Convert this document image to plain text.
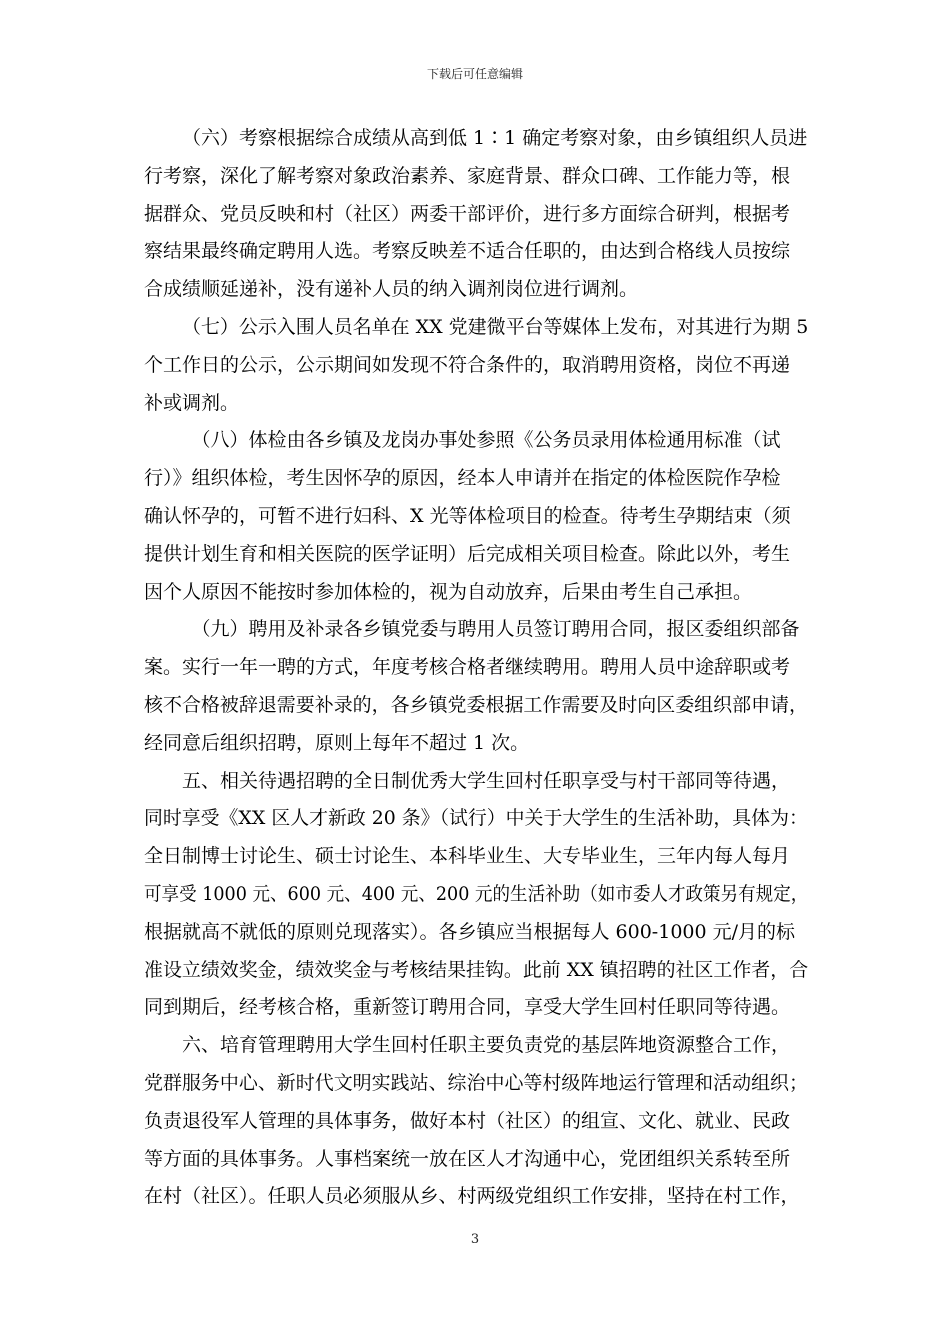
下载后可任意编辑
（六）考察根据综合成绩从高到低 1∶1 确定考察对象，由乡镇组织人员进
行考察，深化了解考察对象政治素养、家庭背景、群众口碑、工作能力等，根
据群众、党员反映和村（社区）两委干部评价，进行多方面综合研判，根据考
察结果最终确定聘用人选。考察反映差不适合任职的，由达到合格线人员按综
合成绩顺延递补，没有递补人员的纳入调剂岗位进行调剂。
（七）公示入围人员名单在 XX 党建微平台等媒体上发布，对其进行为期 5
个工作日的公示，公示期间如发现不符合条件的，取消聘用资格，岗位不再递
补或调剂。
（八）体检由各乡镇及龙岗办事处参照《公务员录用体检通用标准（试
行）》组织体检，考生因怀孕的原因，经本人申请并在指定的体检医院作孕检
确认怀孕的，可暂不进行妇科、X 光等体检项目的检查。待考生孕期结束（须
提供计划生育和相关医院的医学证明）后完成相关项目检查。除此以外，考生
因个人原因不能按时参加体检的，视为自动放弃，后果由考生自己承担。
（九）聘用及补录各乡镇党委与聘用人员签订聘用合同，报区委组织部备
案。实行一年一聘的方式，年度考核合格者继续聘用。聘用人员中途辞职或考
核不合格被辞退需要补录的，各乡镇党委根据工作需要及时向区委组织部申请，
经同意后组织招聘，原则上每年不超过 1 次。
五、相关待遇招聘的全日制优秀大学生回村任职享受与村干部同等待遇，
同时享受《XX 区人才新政 20 条》（试行）中关于大学生的生活补助，具体为：
全日制博士讨论生、硕士讨论生、本科毕业生、大专毕业生，三年内每人每月
可享受 1000 元、600 元、400 元、200 元的生活补助（如市委人才政策另有规定，
根据就高不就低的原则兑现落实）。各乡镇应当根据每人 600-1000 元/月的标
准设立绩效奖金，绩效奖金与考核结果挂钩。此前 XX 镇招聘的社区工作者，合
同到期后，经考核合格，重新签订聘用合同，享受大学生回村任职同等待遇。
六、培育管理聘用大学生回村任职主要负责党的基层阵地资源整合工作，
党群服务中心、新时代文明实践站、综治中心等村级阵地运行管理和活动组织；
负责退役军人管理的具体事务，做好本村（社区）的组宣、文化、就业、民政
等方面的具体事务。人事档案统一放在区人才沟通中心，党团组织关系转至所
在村（社区）。任职人员必须服从乡、村两级党组织工作安排，坚持在村工作，
3
